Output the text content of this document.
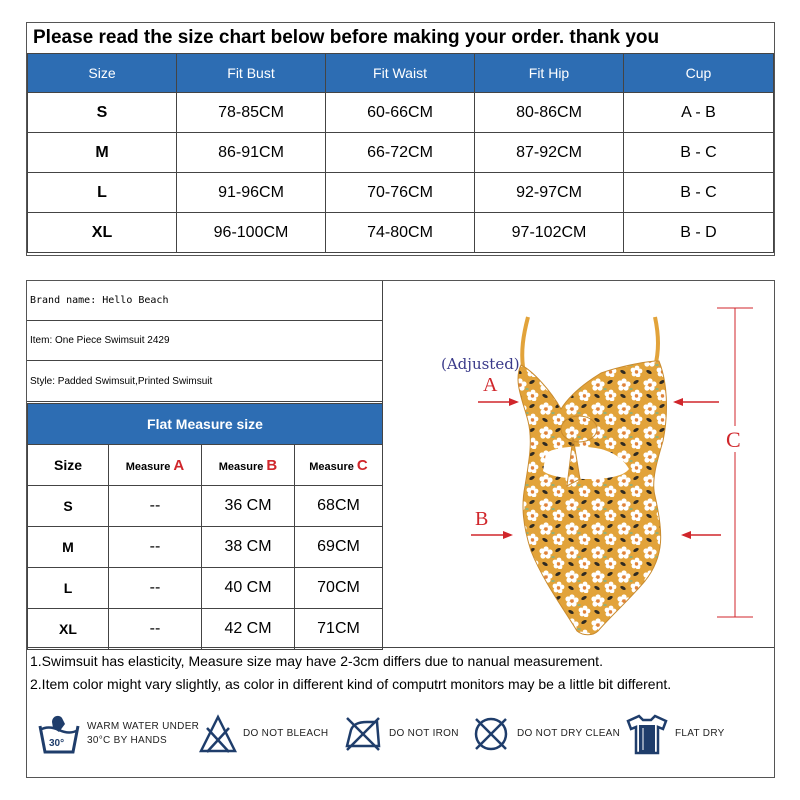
Please read the size chart below before making your order. thank you
Size	Fit Bust	Fit Waist	Fit Hip	Cup
S	78-85CM	60-66CM	80-86CM	A - B
M	86-91CM	66-72CM	87-92CM	B - C
L	91-96CM	70-76CM	92-97CM	B - C
XL	96-100CM	74-80CM	97-102CM	B - D
Brand name: Hello Beach
Item: One Piece Swimsuit 2429
Style: Padded Swimsuit,Printed Swimsuit
Flat Measure size			
Size	Measure A	Measure B	Measure C
S	--	36 CM	68CM
M	--	38 CM	69CM
L	--	40 CM	70CM
XL	--	42 CM	71CM
(Adjusted)
A
B
C
1.Swimsuit has elasticity, Measure size may have 2-3cm differs due to nanual measurement.
2.Item color might vary slightly, as color in different kind of computrt monitors may be a little bit different.
30°
WARM WATER UNDER
30°C BY HANDS
DO NOT BLEACH	DO NOT IRON	DO NOT DRY CLEAN	FLAT DRY
